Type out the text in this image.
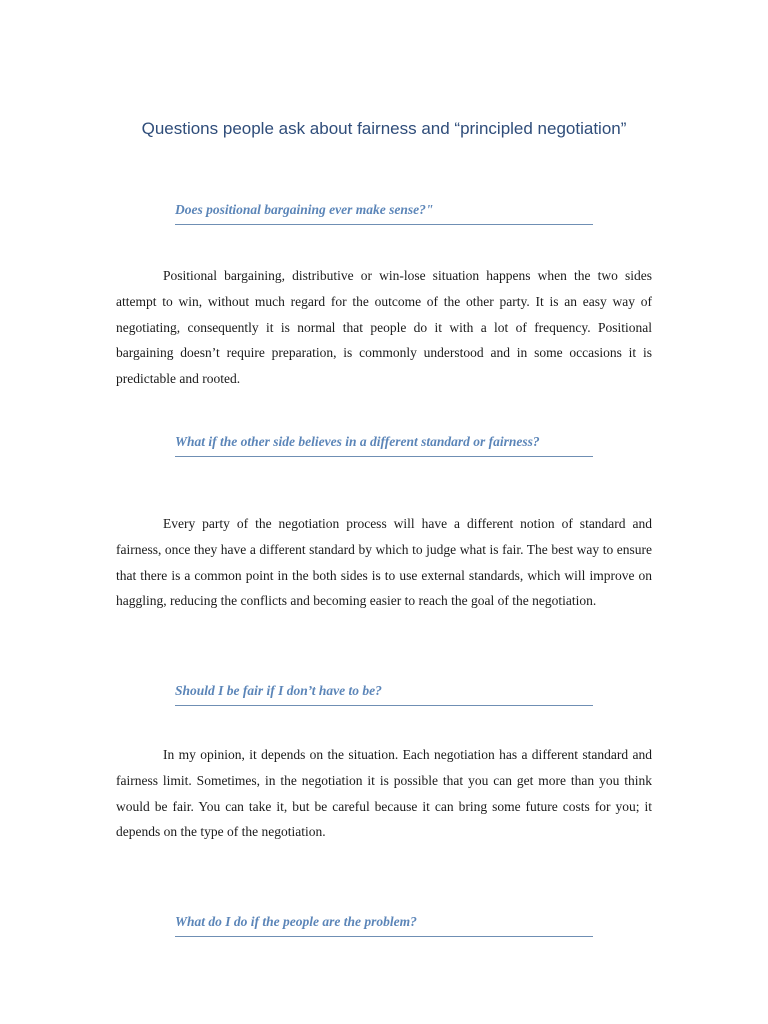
Questions people ask about fairness and “principled negotiation”
Does positional bargaining ever make sense?"

Positional bargaining, distributive or win-lose situation happens when the two sides attempt to win, without much regard for the outcome of the other party. It is an easy way of negotiating, consequently it is normal that people do it with a lot of frequency. Positional bargaining doesn’t require preparation, is commonly understood and in some occasions it is predictable and rooted.

What if the other side believes in a different standard or fairness?

Every party of the negotiation process will have a different notion of standard and fairness, once they have a different standard by which to judge what is fair. The best way to ensure that there is a common point in the both sides is to use external standards, which will improve on haggling, reducing the conflicts and becoming easier to reach the goal of the negotiation.

Should I be fair if I don’t have to be?

In my opinion, it depends on the situation. Each negotiation has a different standard and fairness limit. Sometimes, in the negotiation it is possible that you can get more than you think would be fair. You can take it, but be careful because it can bring some future costs for you; it depends on the type of the negotiation.

What do I do if the people are the problem?
